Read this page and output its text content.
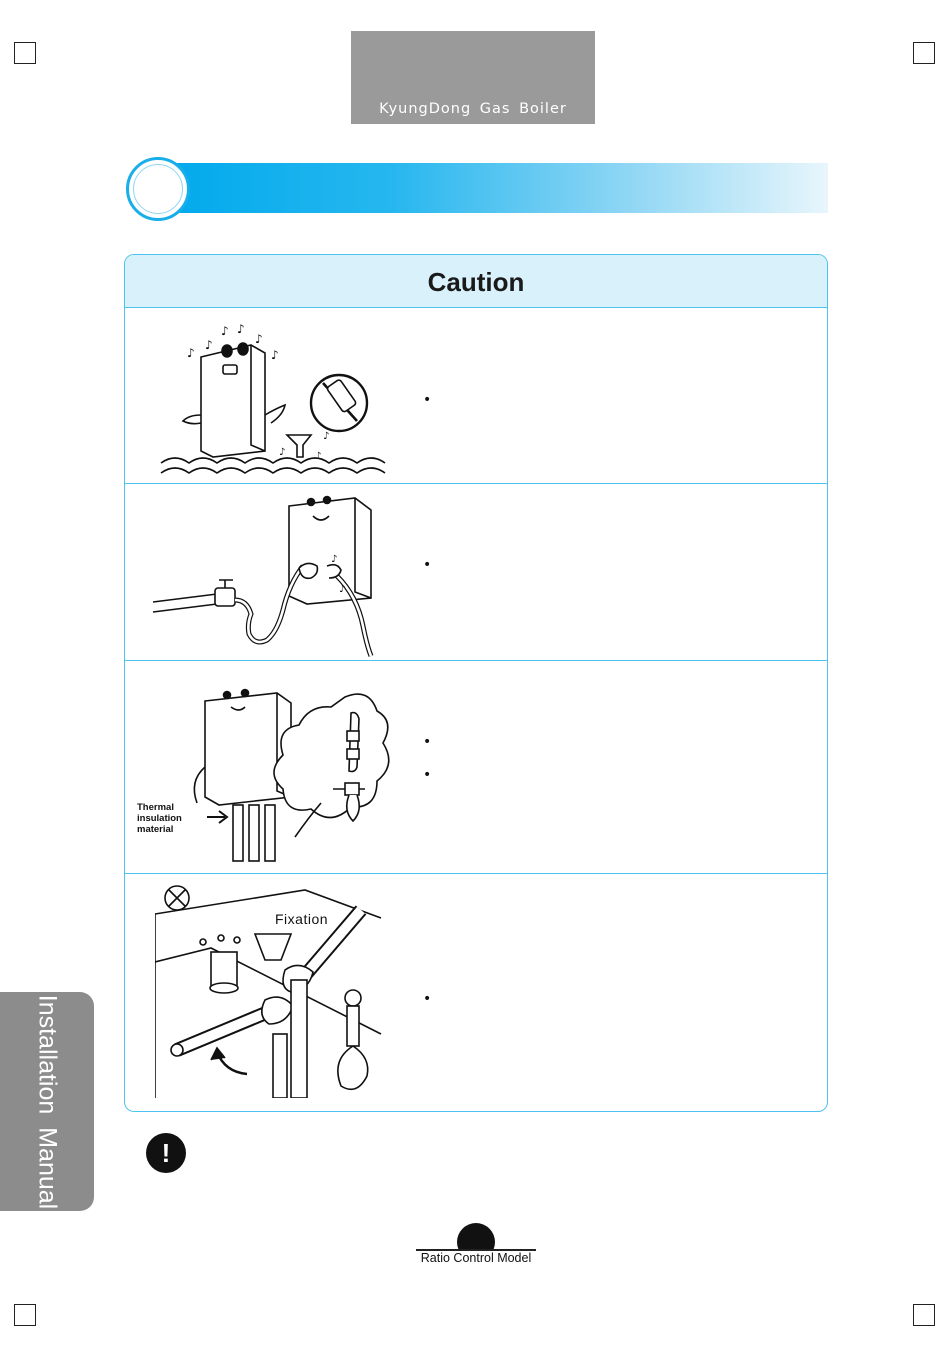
KyungDong Gas Boiler
Caution
♪
♪
♪ ♪
♪
♪
♪
♪	♪
•
♪
♪
•
Thermal
insulation
material
•
•
Fixation
•
!
Installation Manual
Ratio Control Model
